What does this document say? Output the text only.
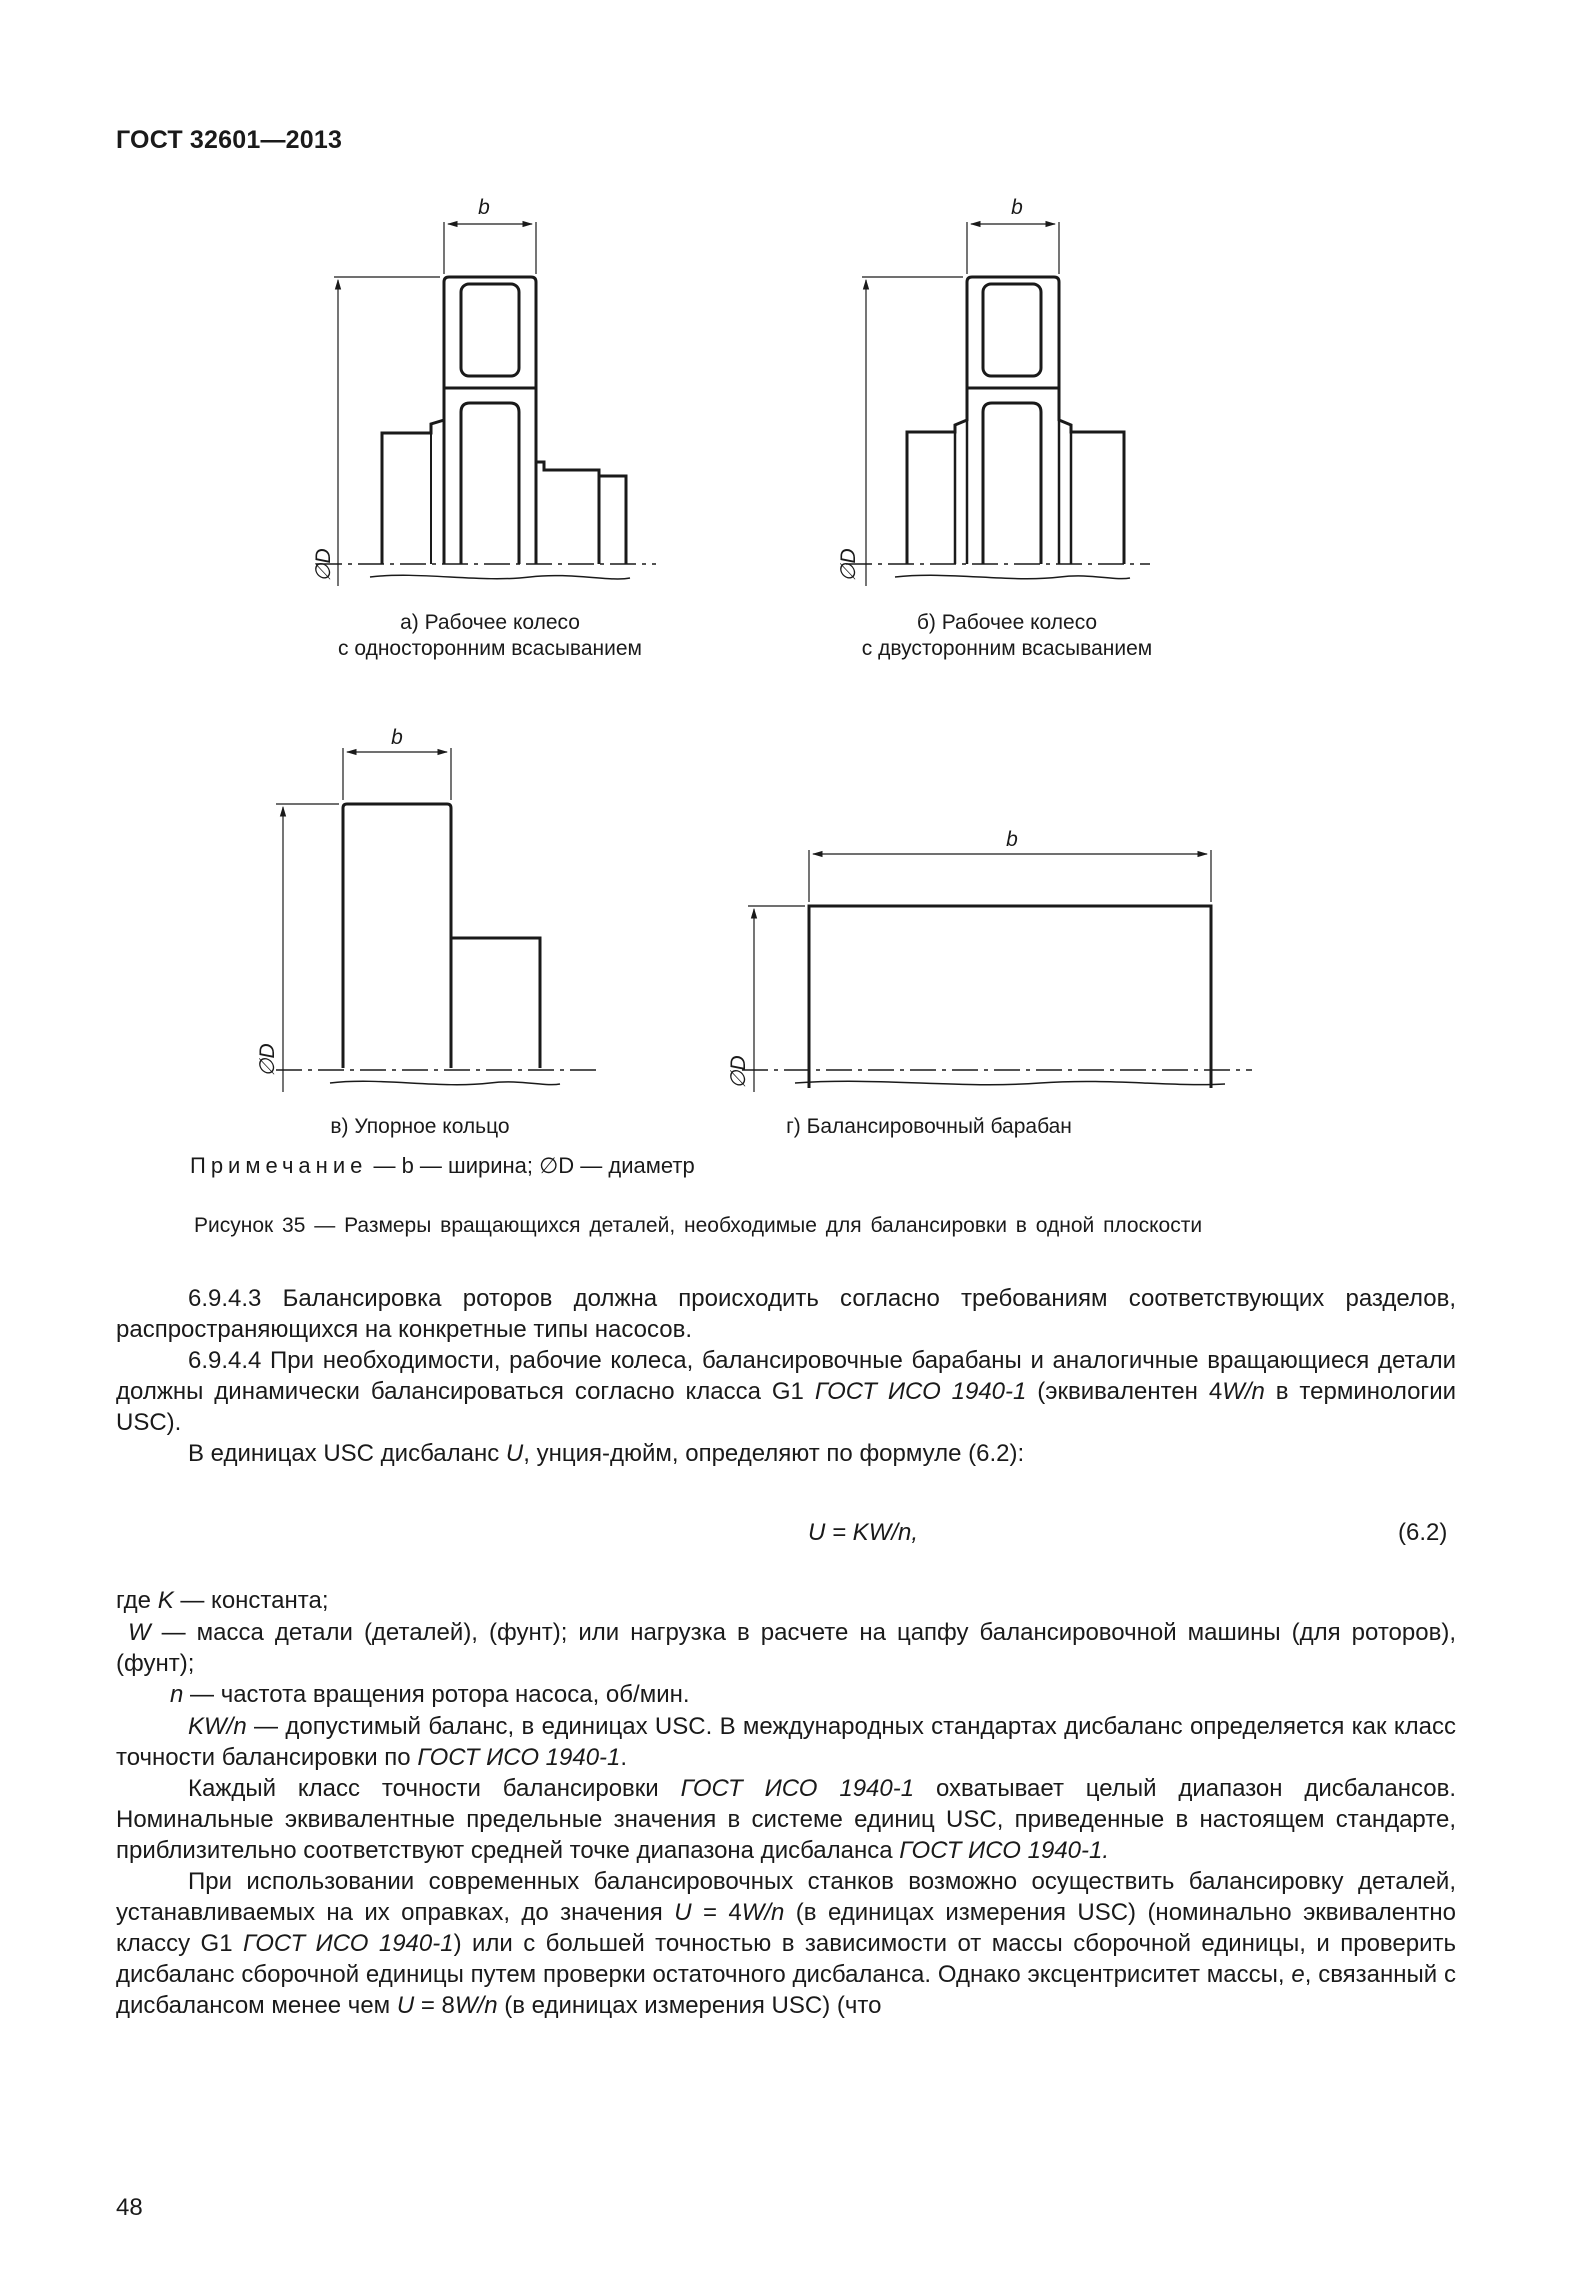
ГОСТ 32601—2013
b
∅D
а) Рабочее колесо
с односторонним всасыванием
b
∅D
б) Рабочее колесо
с двусторонним всасыванием
b
∅D
в) Упорное кольцо
b
∅D
г) Балансировочный барабан
Примечание — b — ширина; ∅D — диаметр
Рисунок 35 — Размеры вращающихся деталей, необходимые для балансировки в одной плоскости

6.9.4.3 Балансировка роторов должна происходить согласно требованиям соответствующих разделов, распространяющихся на конкретные типы насосов.

6.9.4.4 При необходимости, рабочие колеса, балансировочные барабаны и аналогичные вращающиеся детали должны динамически балансироваться согласно класса G1 ГОСТ ИСО 1940-1 (эквивалентен 4W/n в терминологии USC).

В единицах USC дисбаланс U, унция-дюйм, определяют по формуле (6.2):

U = KW/n,	(6.2)

где K — константа;

W — масса детали (деталей), (фунт); или нагрузка в расчете на цапфу балансировочной машины (для роторов), (фунт);

n — частота вращения ротора насоса, об/мин.

KW/n — допустимый баланс, в единицах USC. В международных стандартах дисбаланс определяется как класс точности балансировки по ГОСТ ИСО 1940-1.

Каждый класс точности балансировки ГОСТ ИСО 1940-1 охватывает целый диапазон дисбалансов. Номинальные эквивалентные предельные значения в системе единиц USC, приведенные в настоящем стандарте, приблизительно соответствуют средней точке диапазона дисбаланса ГОСТ ИСО 1940-1.

При использовании современных балансировочных станков возможно осуществить балансировку деталей, устанавливаемых на их оправках, до значения U = 4W/n (в единицах измерения USC) (номинально эквивалентно классу G1 ГОСТ ИСО 1940-1) или с большей точностью в зависимости от массы сборочной единицы, и проверить дисбаланс сборочной единицы путем проверки остаточного дисбаланса. Однако эксцентриситет массы, e, связанный с дисбалансом менее чем U = 8W/n (в единицах измерения USC) (что

48
